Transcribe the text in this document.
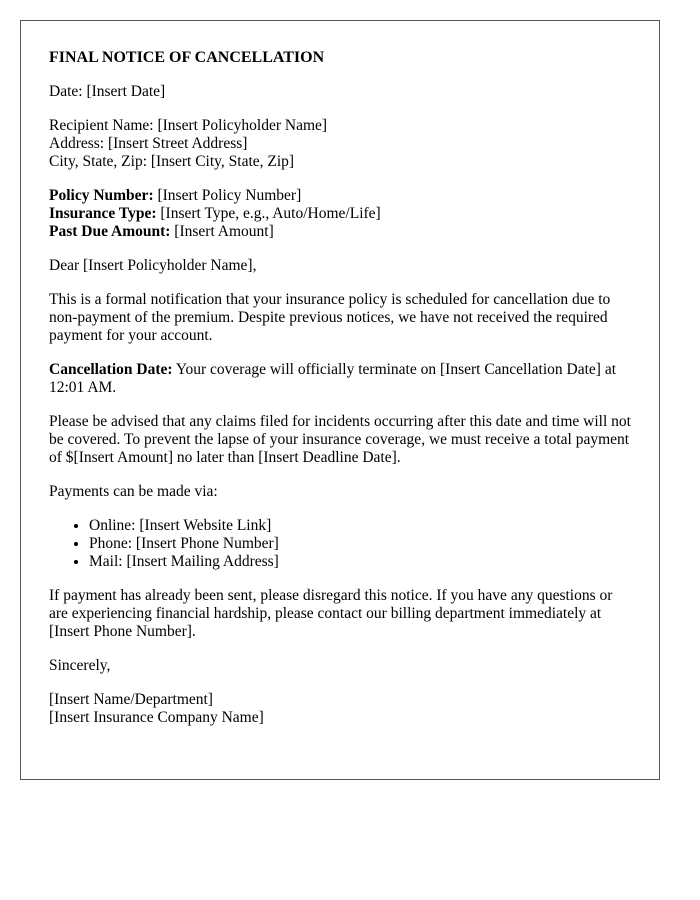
FINAL NOTICE OF CANCELLATION

Date: [Insert Date]

Recipient Name: [Insert Policyholder Name]
Address: [Insert Street Address]
City, State, Zip: [Insert City, State, Zip]

Policy Number: [Insert Policy Number]
Insurance Type: [Insert Type, e.g., Auto/Home/Life]
Past Due Amount: [Insert Amount]

Dear [Insert Policyholder Name],

This is a formal notification that your insurance policy is scheduled for cancellation due to non-payment of the premium. Despite previous notices, we have not received the required payment for your account.

Cancellation Date: Your coverage will officially terminate on [Insert Cancellation Date] at 12:01 AM.

Please be advised that any claims filed for incidents occurring after this date and time will not be covered. To prevent the lapse of your insurance coverage, we must receive a total payment of $[Insert Amount] no later than [Insert Deadline Date].

Payments can be made via:

• Online: [Insert Website Link]
• Phone: [Insert Phone Number]
• Mail: [Insert Mailing Address]

If payment has already been sent, please disregard this notice. If you have any questions or are experiencing financial hardship, please contact our billing department immediately at [Insert Phone Number].

Sincerely,

[Insert Name/Department]
[Insert Insurance Company Name]
